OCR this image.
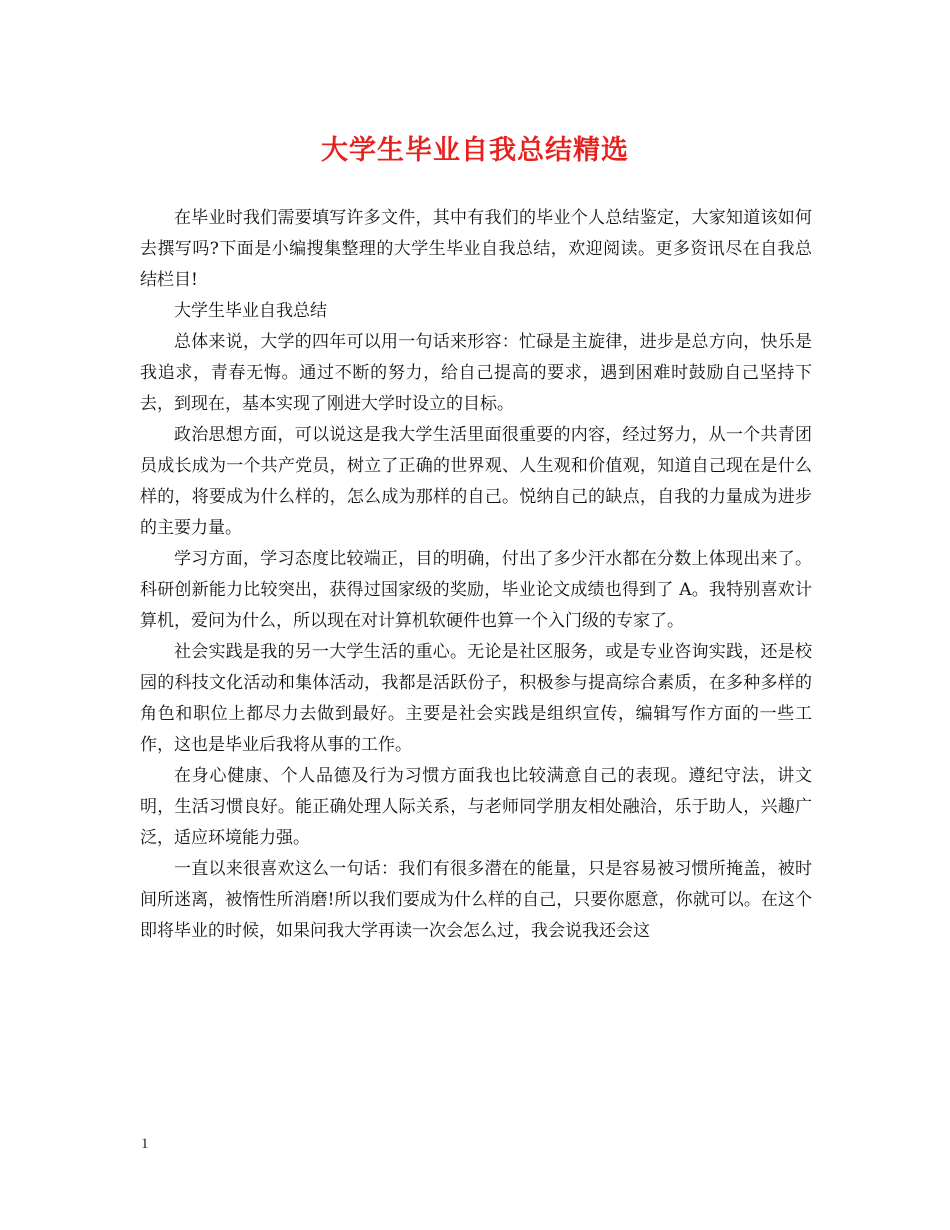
大学生毕业自我总结精选

在毕业时我们需要填写许多文件，其中有我们的毕业个人总结鉴定，大家知道该如何去撰写吗?下面是小编搜集整理的大学生毕业自我总结，欢迎阅读。更多资讯尽在自我总结栏目!

大学生毕业自我总结

总体来说，大学的四年可以用一句话来形容：忙碌是主旋律，进步是总方向，快乐是我追求，青春无悔。通过不断的努力，给自己提高的要求，遇到困难时鼓励自己坚持下去，到现在，基本实现了刚进大学时设立的目标。

政治思想方面，可以说这是我大学生活里面很重要的内容，经过努力，从一个共青团员成长成为一个共产党员，树立了正确的世界观、人生观和价值观，知道自己现在是什么样的，将要成为什么样的，怎么成为那样的自己。悦纳自己的缺点，自我的力量成为进步的主要力量。

学习方面，学习态度比较端正，目的明确，付出了多少汗水都在分数上体现出来了。科研创新能力比较突出，获得过国家级的奖励，毕业论文成绩也得到了 A。我特别喜欢计算机，爱问为什么，所以现在对计算机软硬件也算一个入门级的专家了。

社会实践是我的另一大学生活的重心。无论是社区服务，或是专业咨询实践，还是校园的科技文化活动和集体活动，我都是活跃份子，积极参与提高综合素质，在多种多样的角色和职位上都尽力去做到最好。主要是社会实践是组织宣传，编辑写作方面的一些工作，这也是毕业后我将从事的工作。

在身心健康、个人品德及行为习惯方面我也比较满意自己的表现。遵纪守法，讲文明，生活习惯良好。能正确处理人际关系，与老师同学朋友相处融洽，乐于助人，兴趣广泛，适应环境能力强。

一直以来很喜欢这么一句话：我们有很多潜在的能量，只是容易被习惯所掩盖，被时间所迷离，被惰性所消磨!所以我们要成为什么样的自己，只要你愿意，你就可以。在这个即将毕业的时候，如果问我大学再读一次会怎么过，我会说我还会这

1
